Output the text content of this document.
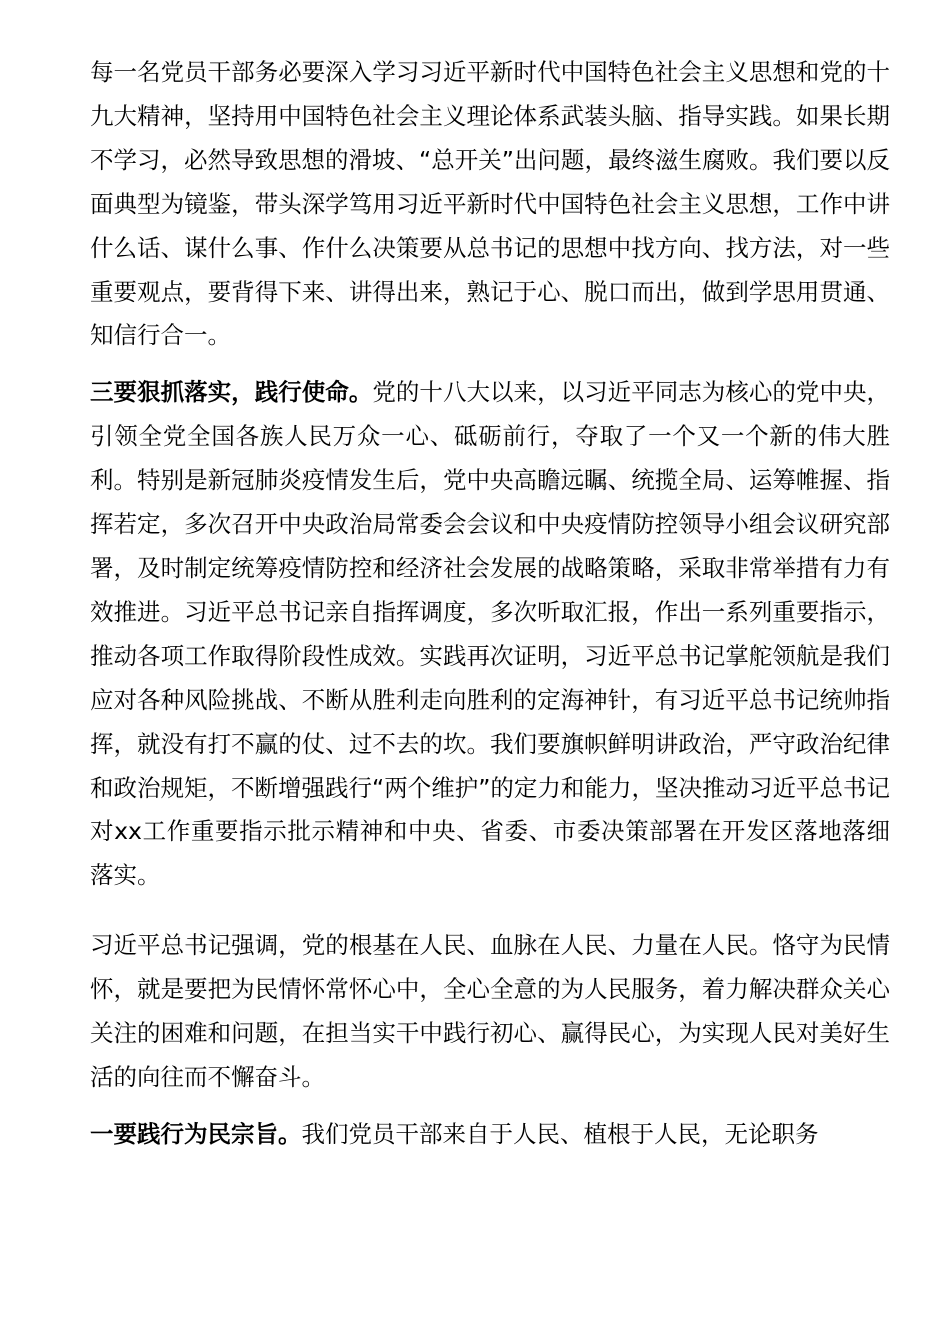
每一名党员干部务必要深入学习习近平新时代中国特色社会主义思想和党的十九大精神，坚持用中国特色社会主义理论体系武装头脑、指导实践。如果长期不学习，必然导致思想的滑坡、“总开关”出问题，最终滋生腐败。我们要以反面典型为镜鉴，带头深学笃用习近平新时代中国特色社会主义思想，工作中讲什么话、谋什么事、作什么决策要从总书记的思想中找方向、找方法，对一些重要观点，要背得下来、讲得出来，熟记于心、脱口而出，做到学思用贯通、知信行合一。

三要狠抓落实，践行使命。党的十八大以来，以习近平同志为核心的党中央，引领全党全国各族人民万众一心、砥砺前行，夺取了一个又一个新的伟大胜利。特别是新冠肺炎疫情发生后，党中央高瞻远瞩、统揽全局、运筹帷握、指挥若定，多次召开中央政治局常委会会议和中央疫情防控领导小组会议研究部署，及时制定统筹疫情防控和经济社会发展的战略策略，采取非常举措有力有效推进。习近平总书记亲自指挥调度，多次听取汇报，作出一系列重要指示，推动各项工作取得阶段性成效。实践再次证明，习近平总书记掌舵领航是我们应对各种风险挑战、不断从胜利走向胜利的定海神针，有习近平总书记统帅指挥，就没有打不赢的仗、过不去的坎。我们要旗帜鲜明讲政治，严守政治纪律和政治规矩，不断增强践行“两个维护”的定力和能力，坚决推动习近平总书记对xx工作重要指示批示精神和中央、省委、市委决策部署在开发区落地落细落实。

习近平总书记强调，党的根基在人民、血脉在人民、力量在人民。恪守为民情怀，就是要把为民情怀常怀心中，全心全意的为人民服务，着力解决群众关心关注的困难和问题，在担当实干中践行初心、赢得民心，为实现人民对美好生活的向往而不懈奋斗。

一要践行为民宗旨。我们党员干部来自于人民、植根于人民，无论职务
